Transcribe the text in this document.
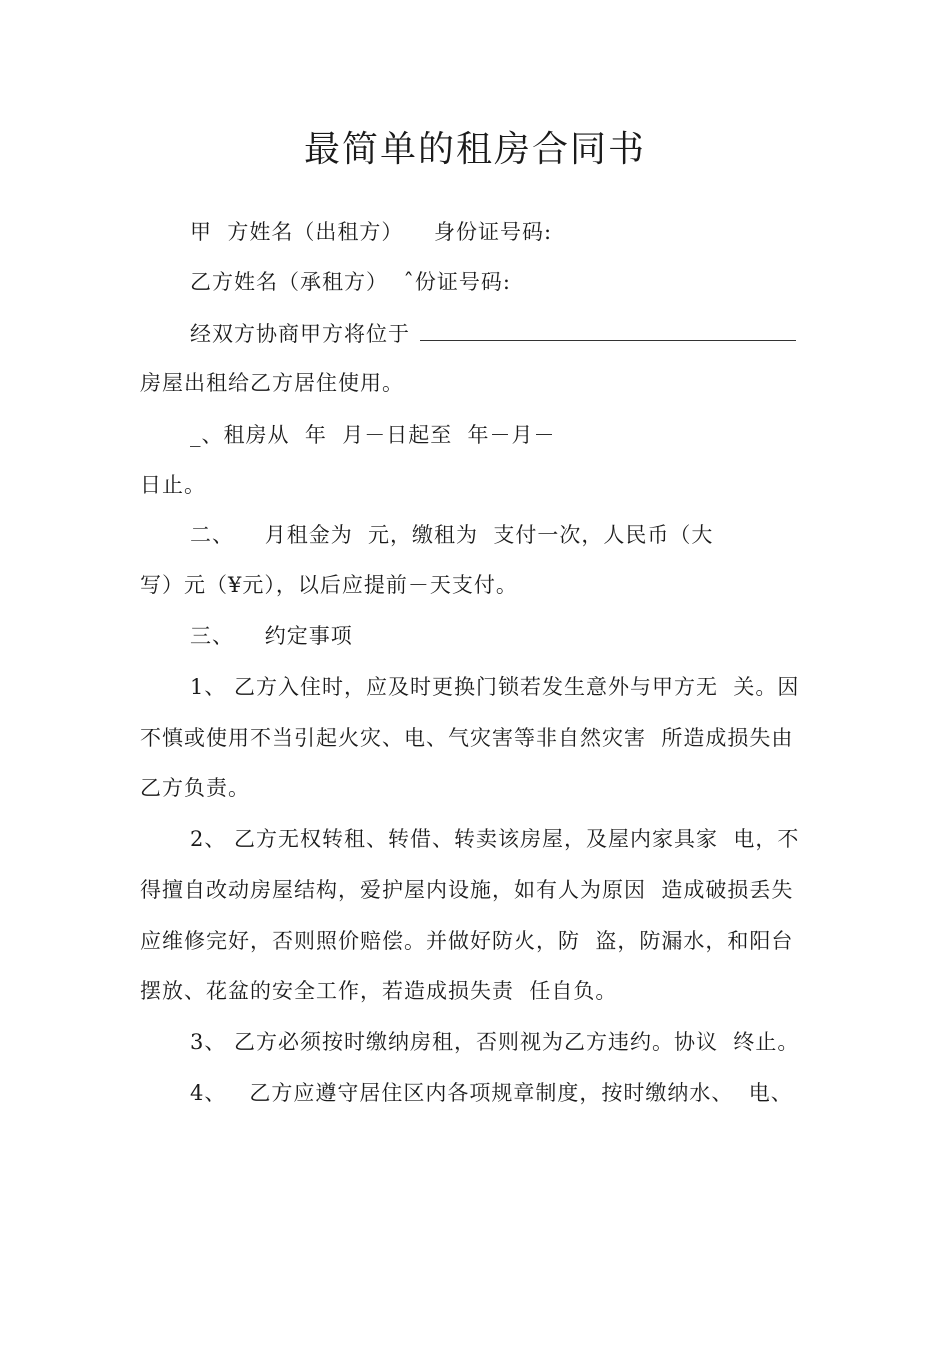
最简单的租房合同书
甲  方姓名（出租方）    身份证号码:
乙方姓名（承租方）  ˆ份证号码:
经双方协商甲方将位于
房屋出租给乙方居住使用。
_、租房从  年  月－日起至  年－月－
日止。
二、    月租金为  元，缴租为  支付一次，人民币（大
写）元（¥元），以后应提前－天支付。
三、    约定事项
1、 乙方入住时，应及时更换门锁若发生意外与甲方无  关。因
不慎或使用不当引起火灾、电、气灾害等非自然灾害  所造成损失由
乙方负责。
2、 乙方无权转租、转借、转卖该房屋，及屋内家具家  电，不
得擅自改动房屋结构，爱护屋内设施，如有人为原因  造成破损丢失
应维修完好，否则照价赔偿。并做好防火，防  盗，防漏水，和阳台
摆放、花盆的安全工作，若造成损失责  任自负。
3、 乙方必须按时缴纳房租，否则视为乙方违约。协议  终止。
4、   乙方应遵守居住区内各项规章制度，按时缴纳水、  电、
